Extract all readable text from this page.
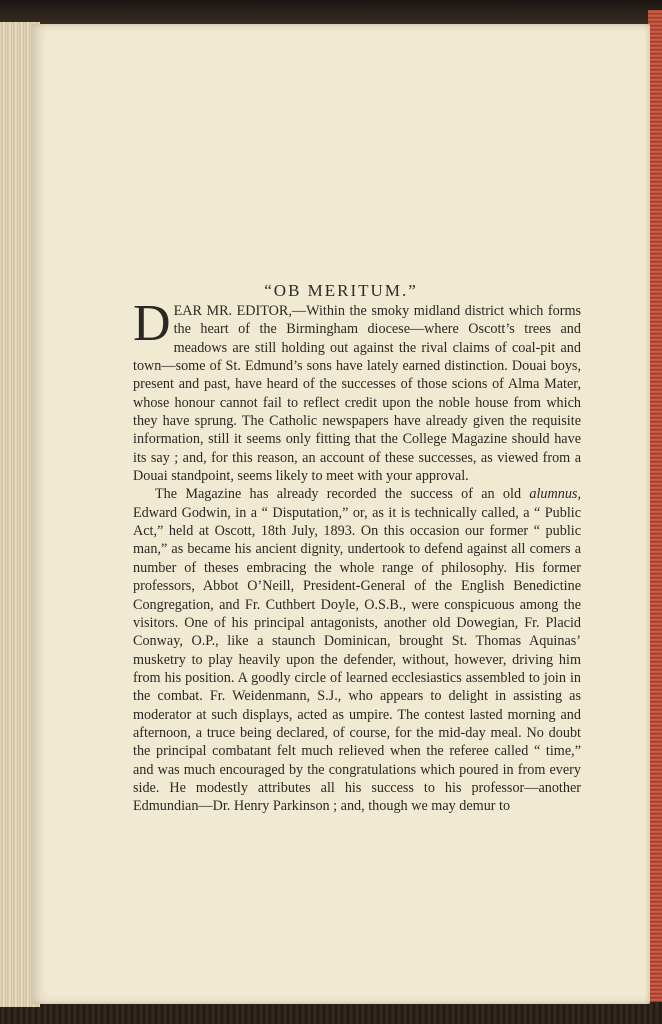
“OB MERITUM.”

DEAR MR. EDITOR,—Within the smoky midland district which forms the heart of the Birmingham diocese—where Oscott’s trees and meadows are still holding out against the rival claims of coal-pit and town—some of St. Edmund’s sons have lately earned distinction. Douai boys, present and past, have heard of the successes of those scions of Alma Mater, whose honour cannot fail to reflect credit upon the noble house from which they have sprung. The Catholic newspapers have already given the requisite information, still it seems only fitting that the College Magazine should have its say ; and, for this reason, an account of these successes, as viewed from a Douai standpoint, seems likely to meet with your approval.

The Magazine has already recorded the success of an old alumnus, Edward Godwin, in a “ Disputation,” or, as it is technically called, a “ Public Act,” held at Oscott, 18th July, 1893. On this occasion our former “ public man,” as became his ancient dignity, undertook to defend against all comers a number of theses embracing the whole range of philosophy. His former professors, Abbot O’Neill, President-General of the English Benedictine Congregation, and Fr. Cuthbert Doyle, O.S.B., were conspicuous among the visitors. One of his principal antagonists, another old Dowegian, Fr. Placid Conway, O.P., like a staunch Dominican, brought St. Thomas Aquinas’ musketry to play heavily upon the defender, without, however, driving him from his position. A goodly circle of learned ecclesiastics assembled to join in the combat. Fr. Weidenmann, S.J., who appears to delight in assisting as moderator at such displays, acted as umpire. The contest lasted morning and afternoon, a truce being declared, of course, for the mid-day meal. No doubt the principal combatant felt much relieved when the referee called “ time,” and was much encouraged by the congratulations which poured in from every side. He modestly attributes all his success to his professor—another Edmundian—Dr. Henry Parkinson ; and, though we may demur to
